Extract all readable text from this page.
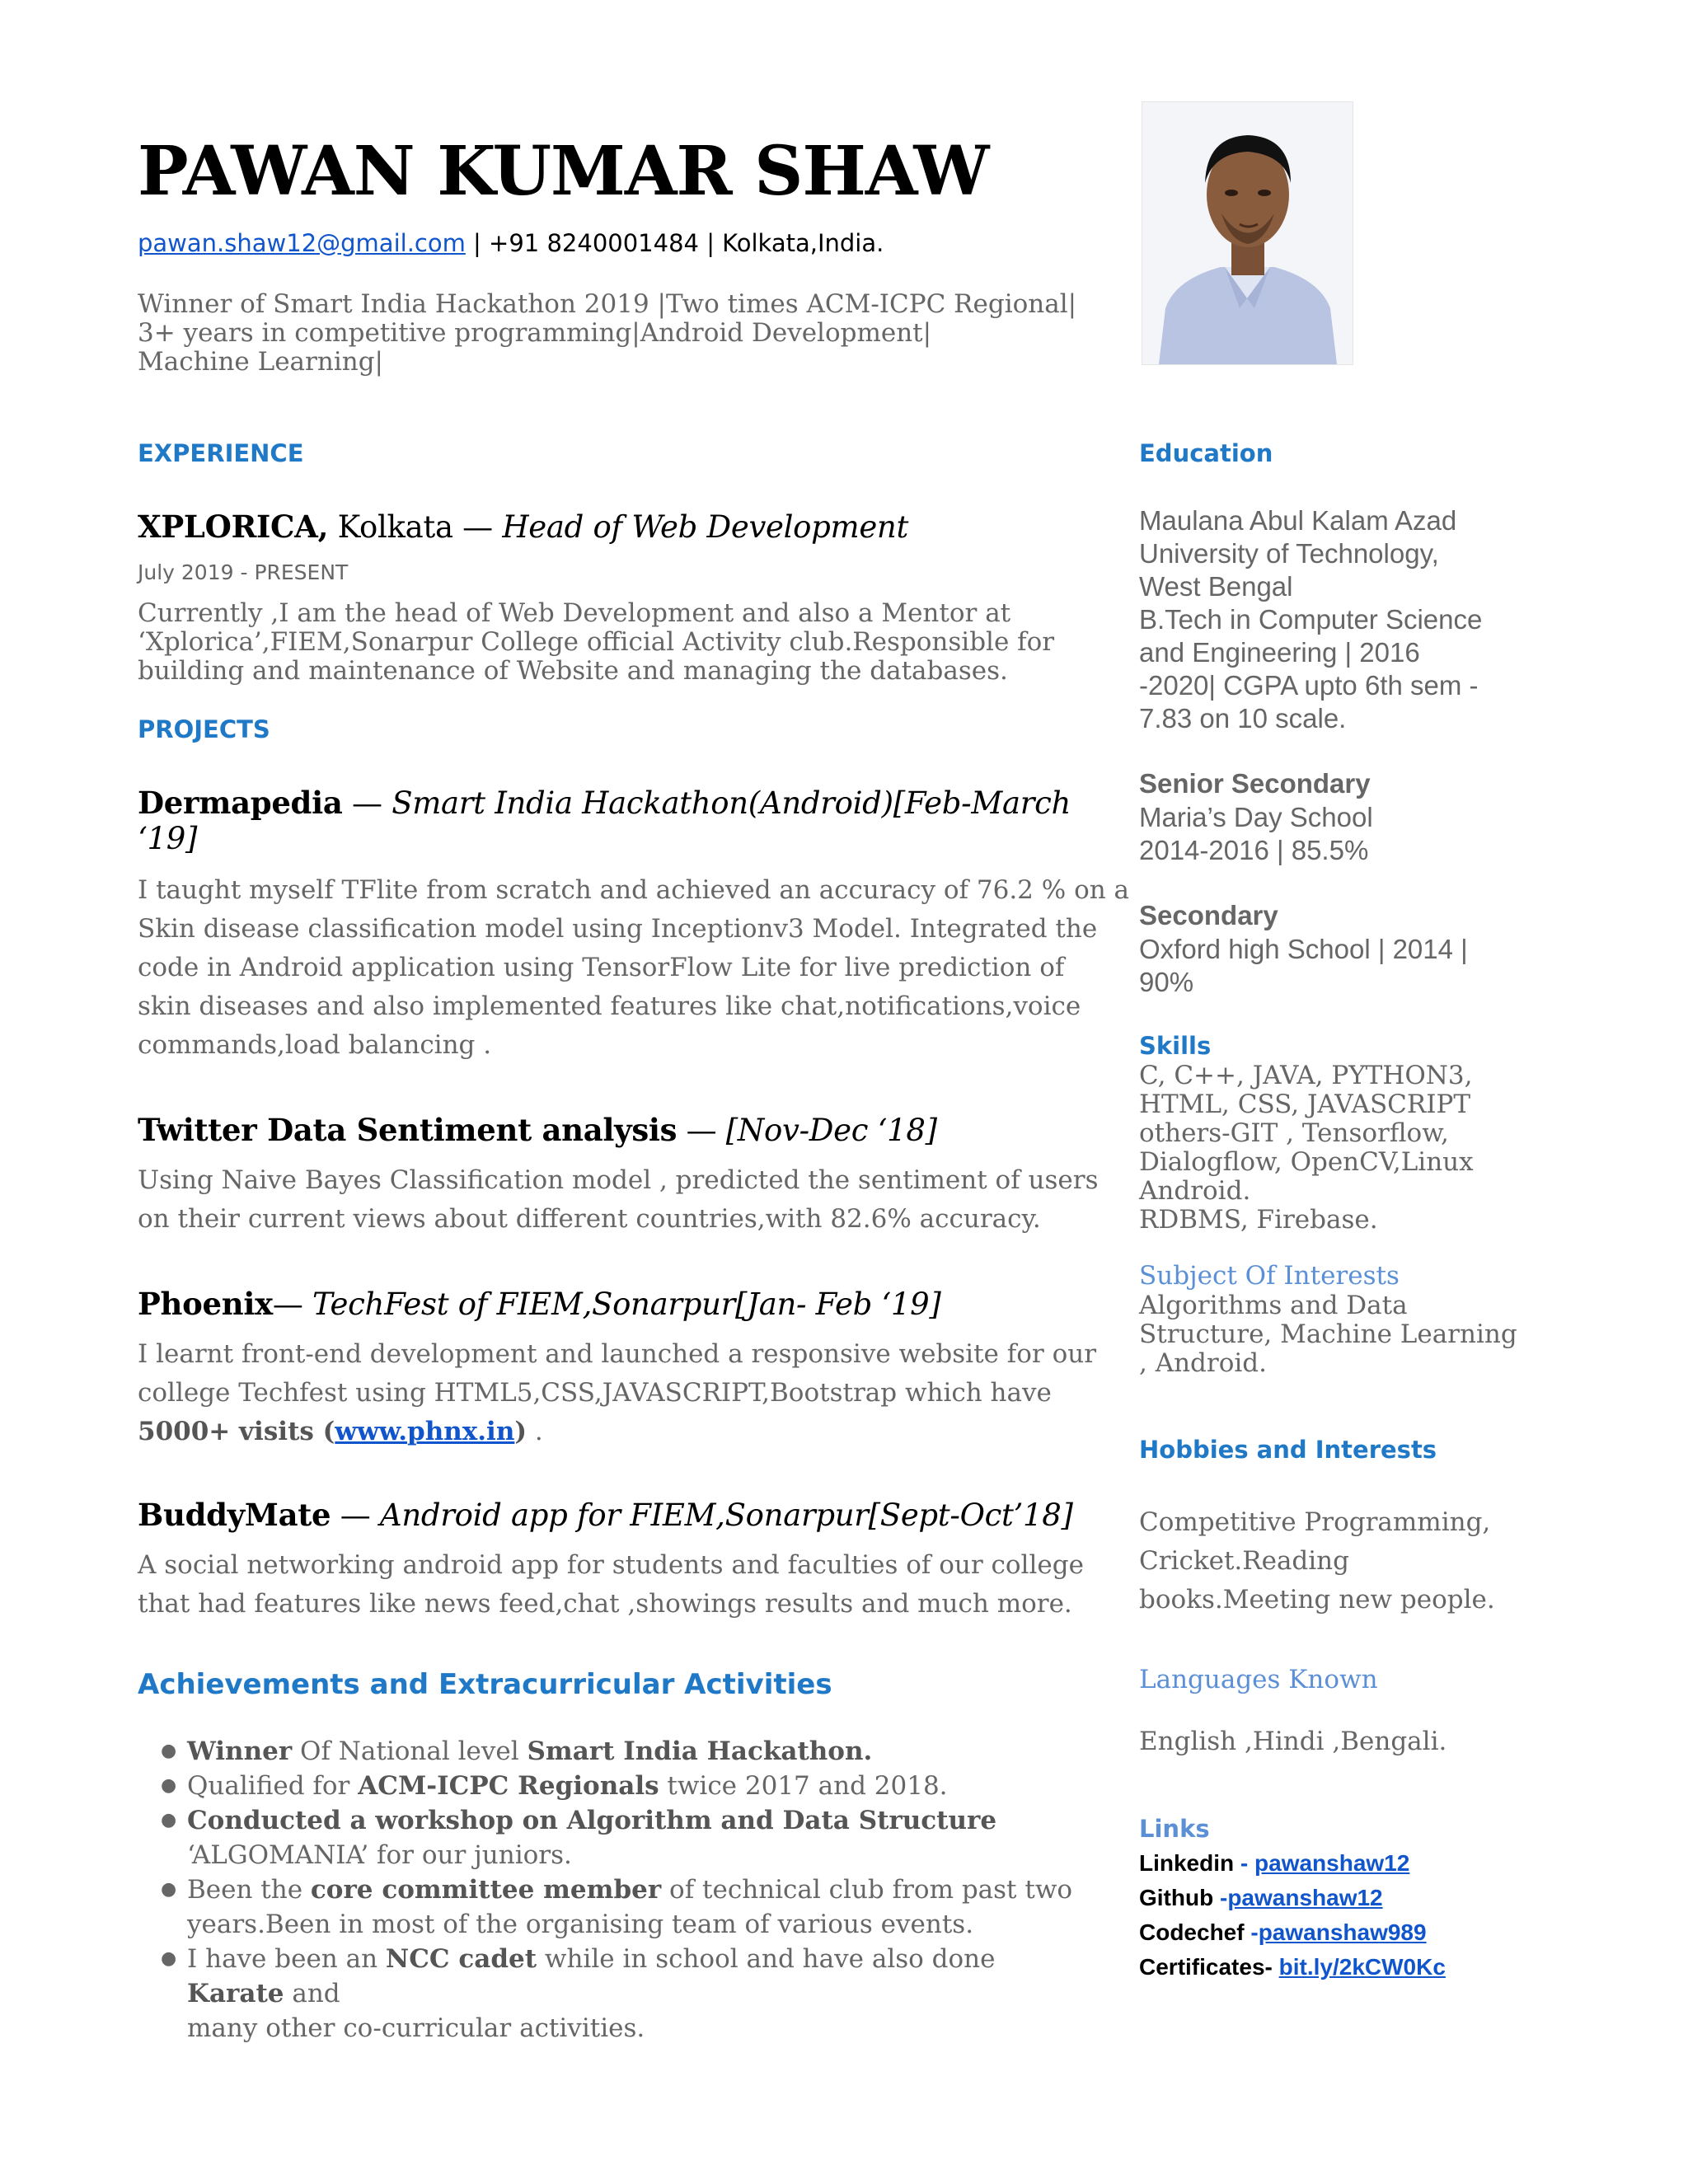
PAWAN KUMAR SHAW
pawan.shaw12@gmail.com | +91 8240001484 | Kolkata,India.
Winner of Smart India Hackathon 2019 |Two times ACM-ICPC Regional|
3+ years in competitive programming|Android Development|
Machine Learning|
EXPERIENCE
XPLORICA, Kolkata — Head of Web Development
July 2019 - PRESENT
Currently ,I am the head of Web Development and also a Mentor at
‘Xplorica’,FIEM,Sonarpur College official Activity club.Responsible for
building and maintenance of Website and managing the databases.
PROJECTS
Dermapedia — Smart India Hackathon(Android)[Feb-March
‘19]
I taught myself TFlite from scratch and achieved an accuracy of 76.2 % on a
Skin disease classification model using Inceptionv3 Model. Integrated the
code in Android application using TensorFlow Lite for live prediction of
skin diseases and also implemented features like chat,notifications,voice
commands,load balancing .
Twitter Data Sentiment analysis — [Nov-Dec ‘18]
Using Naive Bayes Classification model , predicted the sentiment of users
on their current views about different countries,with 82.6% accuracy.
Phoenix— TechFest of FIEM,Sonarpur[Jan- Feb ‘19]
I learnt front-end development and launched a responsive website for our
college Techfest using HTML5,CSS,JAVASCRIPT,Bootstrap which have
5000+ visits (www.phnx.in) .
BuddyMate — Android app for FIEM,Sonarpur[Sept-Oct’18]
A social networking android app for students and faculties of our college
that had features like news feed,chat ,showings results and much more.
Achievements and Extracurricular Activities
● Winner Of National level Smart India Hackathon.
● Qualified for ACM-ICPC Regionals twice 2017 and 2018.
● Conducted a workshop on Algorithm and Data Structure
‘ALGOMANIA’ for our juniors.
● Been the core committee member of technical club from past two
years.Been in most of the organising team of various events.
● I have been an NCC cadet while in school and have also done Karate and
many other co-curricular activities.
Education
Maulana Abul Kalam Azad
University of Technology,
West Bengal
B.Tech in Computer Science
and Engineering | 2016
-2020| CGPA upto 6th sem -
7.83 on 10 scale.
Senior Secondary
Maria’s Day School
2014-2016 | 85.5%
Secondary
Oxford high School | 2014 |
90%
Skills
C, C++, JAVA, PYTHON3,
HTML, CSS, JAVASCRIPT
others-GIT , Tensorflow,
Dialogflow, OpenCV,Linux
Android.
RDBMS, Firebase.
Subject Of Interests
Algorithms and Data
Structure, Machine Learning
, Android.
Hobbies and Interests
Competitive Programming,
Cricket.Reading
books.Meeting new people.
Languages Known
English ,Hindi ,Bengali.
Links
Linkedin - pawanshaw12
Github -pawanshaw12
Codechef -pawanshaw989
Certificates- bit.ly/2kCW0Kc
